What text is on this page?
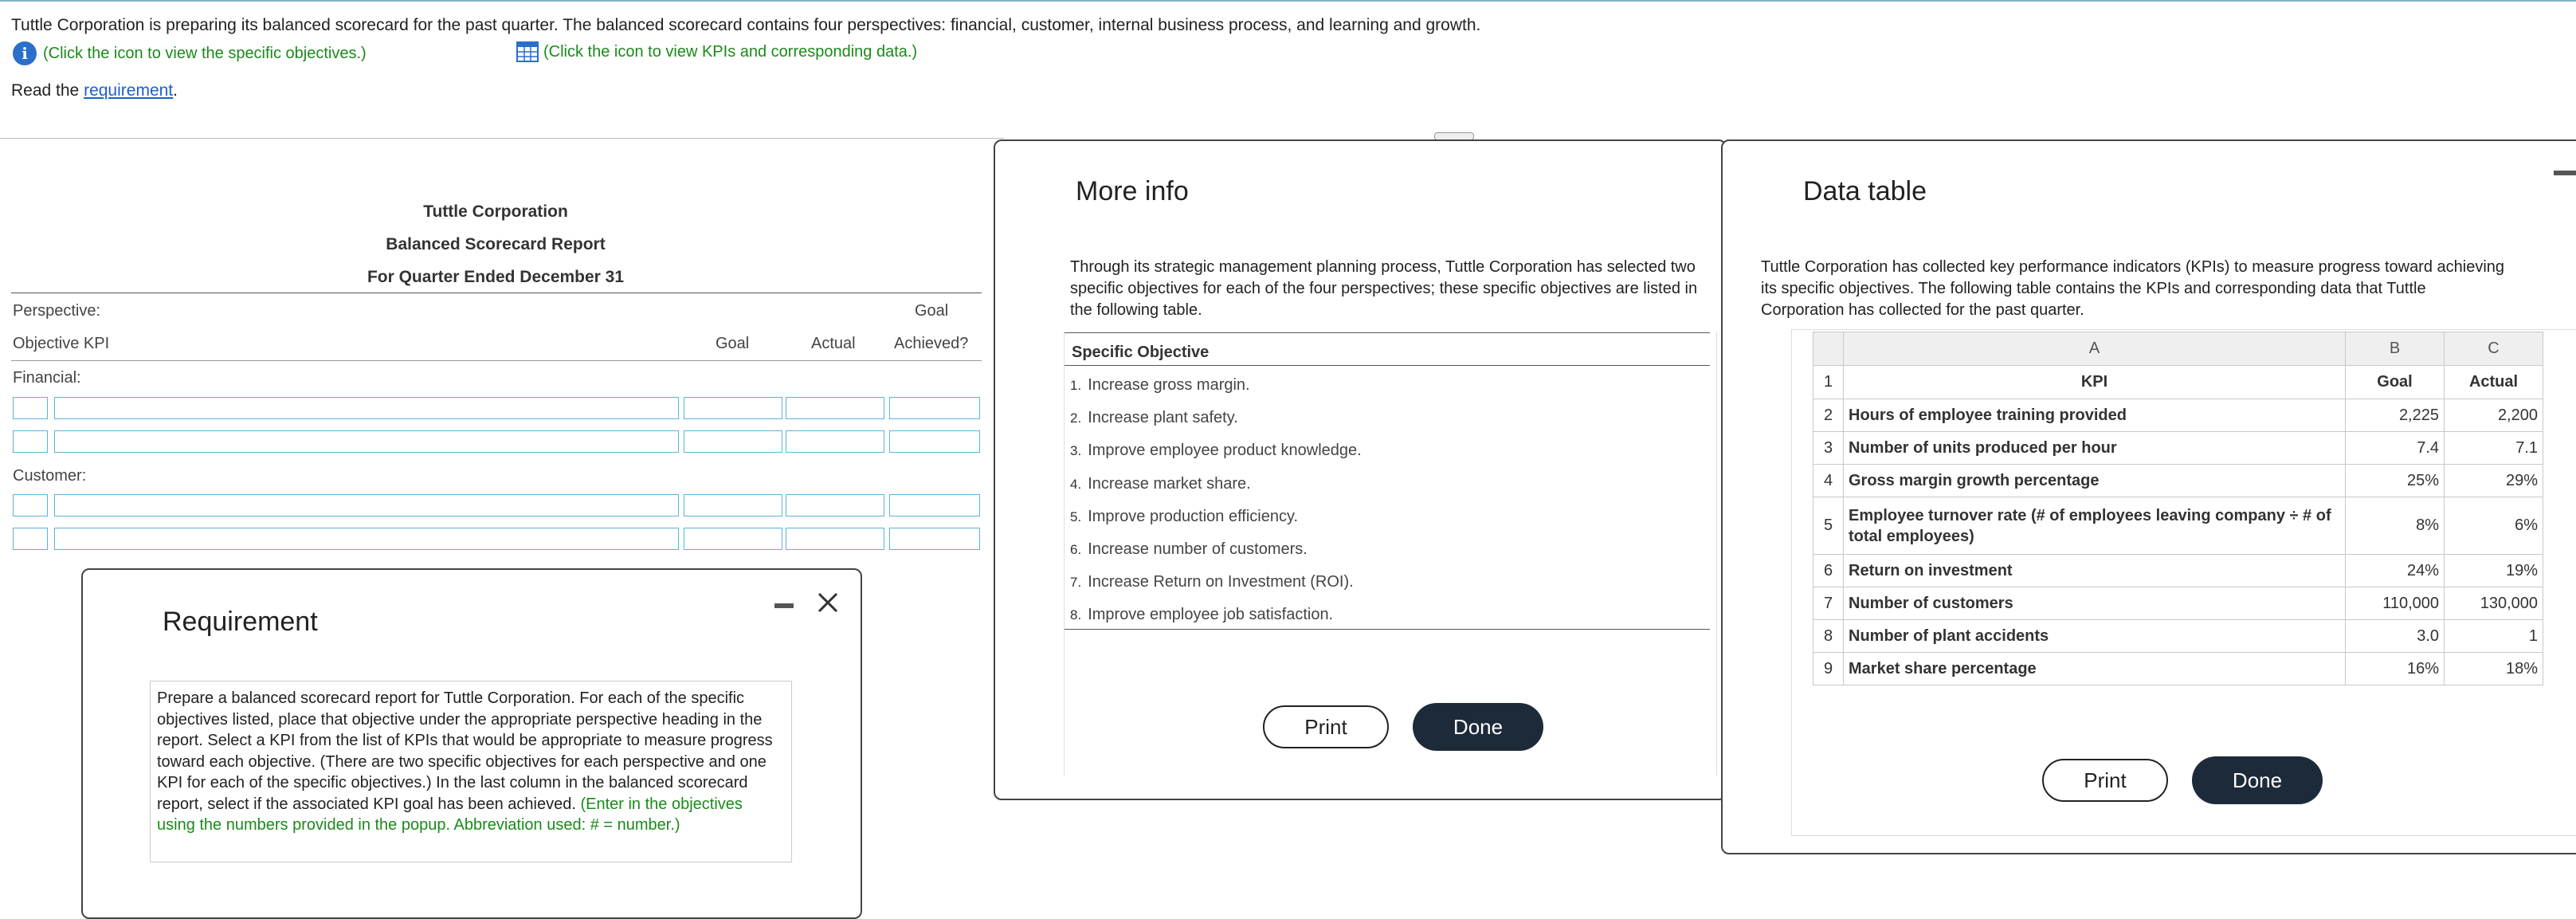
Tuttle Corporation is preparing its balanced scorecard for the past quarter. The balanced scorecard contains four perspectives: financial, customer, internal business process, and learning and growth.
i (Click the icon to view the specific objectives.)	(Click the icon to view KPIs and corresponding data.)
Read the requirement.
Tuttle Corporation
Balanced Scorecard Report
For Quarter Ended December 31
Perspective:	Goal
Objective KPI	Goal	Actual Achieved?
Financial:
Customer:
Requirement
Prepare a balanced scorecard report for Tuttle Corporation. For each of the specific objectives listed, place that objective under the appropriate perspective heading in the report. Select a KPI from the list of KPIs that would be appropriate to measure progress toward each objective. (There are two specific objectives for each perspective and one KPI for each of the specific objectives.) In the last column in the balanced scorecard report, select if the associated KPI goal has been achieved. (Enter in the objectives using the numbers provided in the popup. Abbreviation used: # = number.)
More info
Through its strategic management planning process, Tuttle Corporation has selected two specific objectives for each of the four perspectives; these specific objectives are listed in the following table.
Specific Objective
1. Increase gross margin.
2. Increase plant safety.
3. Improve employee product knowledge.
4. Increase market share.
5. Improve production efficiency.
6. Increase number of customers.
7. Increase Return on Investment (ROI).
8. Improve employee job satisfaction.
Print	Done
Data table
Tuttle Corporation has collected key performance indicators (KPIs) to measure progress toward achieving its specific objectives. The following table contains the KPIs and corresponding data that Tuttle Corporation has collected for the past quarter.
	A	B	C
1	KPI	Goal	Actual
2	Hours of employee training provided	2,225	2,200
3	Number of units produced per hour	7.4	7.1
4	Gross margin growth percentage	25%	29%
5	Employee turnover rate (# of employees leaving company ÷ # of total employees)	8%	6%
6	Return on investment	24%	19%
7	Number of customers	110,000	130,000
8	Number of plant accidents	3.0	1
9	Market share percentage	16%	18%
Print	Done
